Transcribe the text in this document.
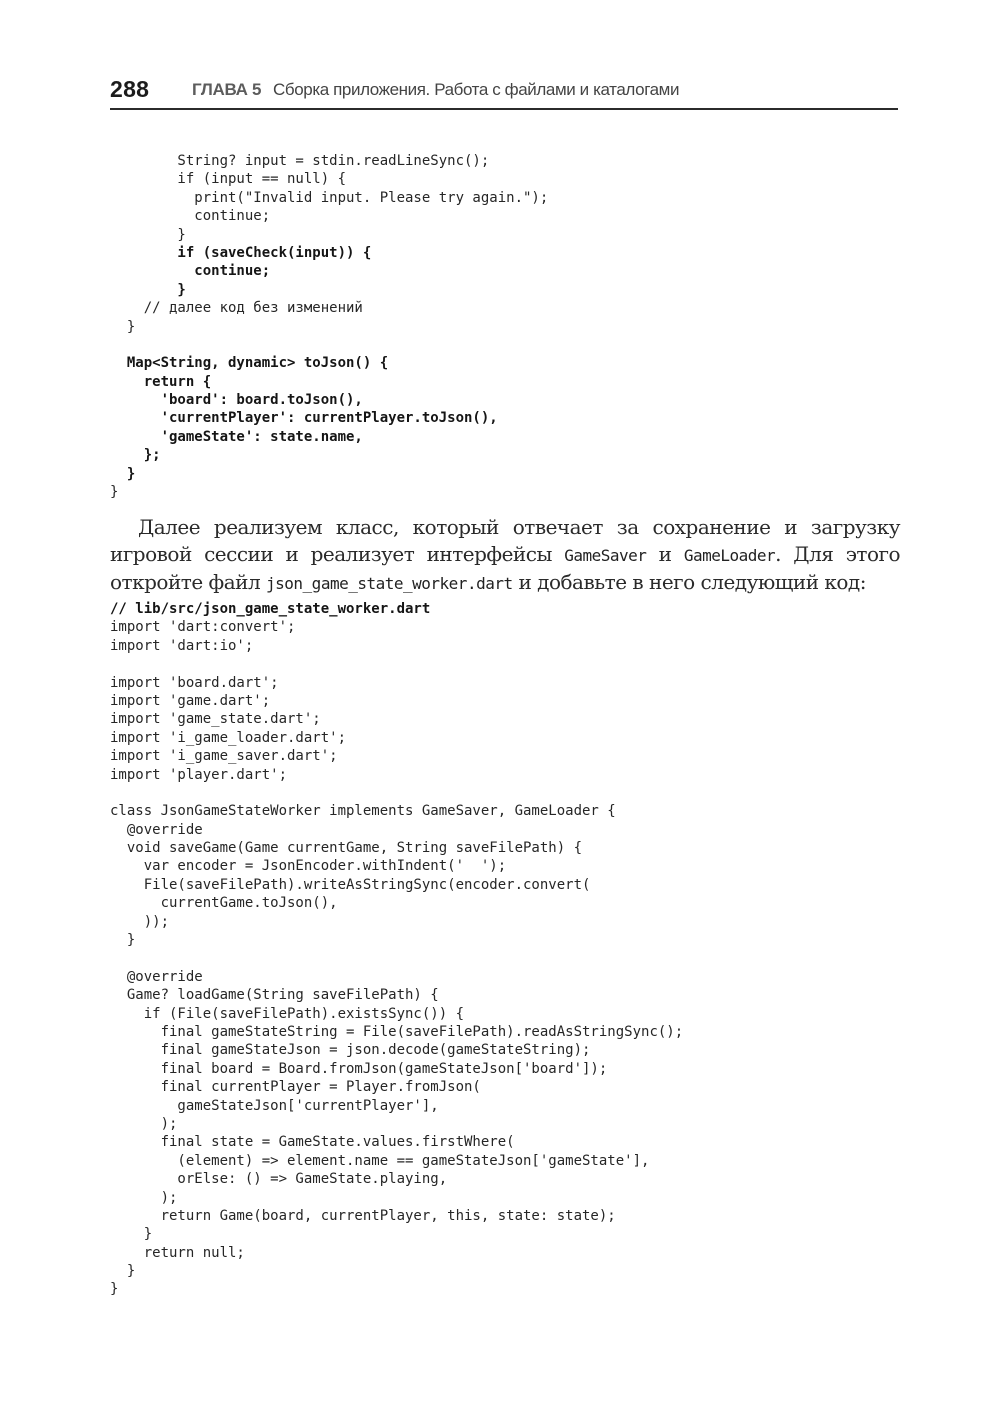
288	ГЛАВА 5 Сборка приложения. Работа с файлами и каталогами
String? input = stdin.readLineSync();
if (input == null) {
print("Invalid input. Please try again.");
continue;
}
if (saveCheck(input)) {
continue;
}
// далее код без изменений
}
Map<String, dynamic> toJson() {
return {
'board': board.toJson(),
'currentPlayer': currentPlayer.toJson(),
'gameState': state.name,
};
}
}

Далее реализуем класс, который отвечает за сохранение и загрузку игровой сессии и реализует интерфейсы GameSaver и GameLoader. Для этого откройте файл json_game_state_worker.dart и добавьте в него следующий код:

// lib/src/json_game_state_worker.dart
import 'dart:convert';
import 'dart:io';
import 'board.dart';
import 'game.dart';
import 'game_state.dart';
import 'i_game_loader.dart';
import 'i_game_saver.dart';
import 'player.dart';
class JsonGameStateWorker implements GameSaver, GameLoader {
@override
void saveGame(Game currentGame, String saveFilePath) {
var encoder = JsonEncoder.withIndent('  ');
File(saveFilePath).writeAsStringSync(encoder.convert(
currentGame.toJson(),
));
}
@override
Game? loadGame(String saveFilePath) {
if (File(saveFilePath).existsSync()) {
final gameStateString = File(saveFilePath).readAsStringSync();
final gameStateJson = json.decode(gameStateString);
final board = Board.fromJson(gameStateJson['board']);
final currentPlayer = Player.fromJson(
gameStateJson['currentPlayer'],
);
final state = GameState.values.firstWhere(
(element) => element.name == gameStateJson['gameState'],
orElse: () => GameState.playing,
);
return Game(board, currentPlayer, this, state: state);
}
return null;
}
}
